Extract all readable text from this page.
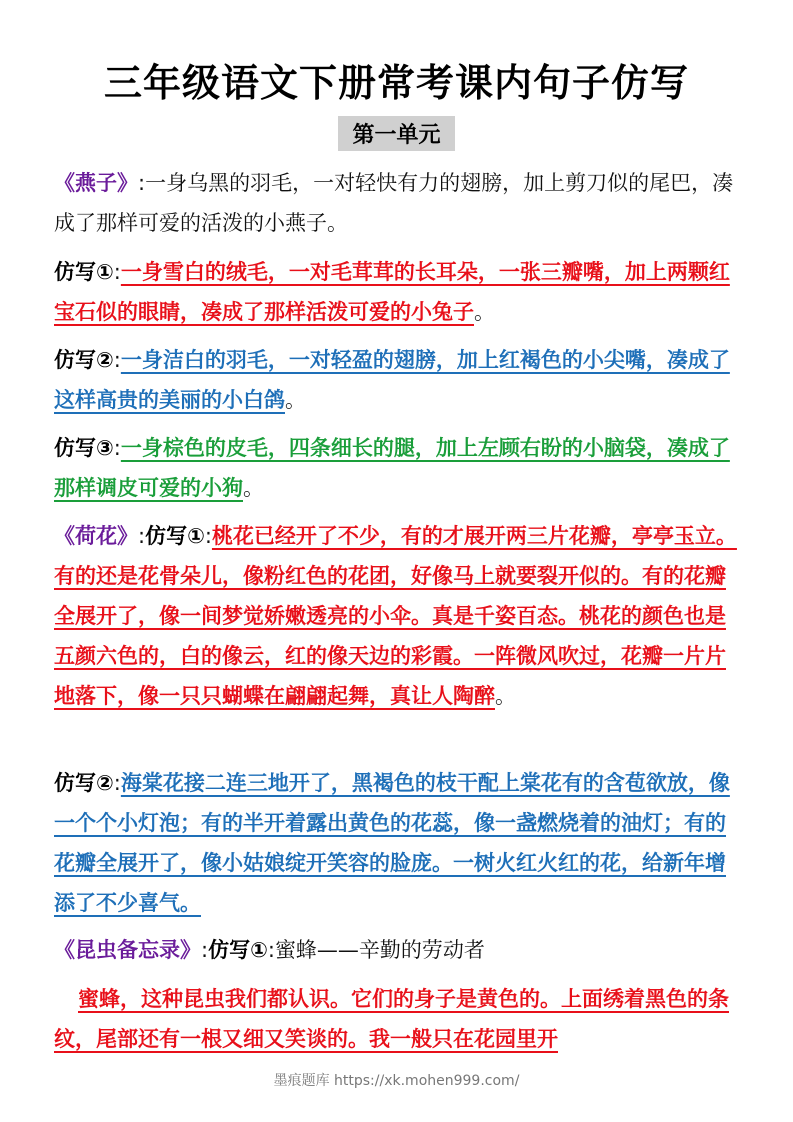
三年级语文下册常考课内句子仿写
第一单元
《燕子》:一身乌黑的羽毛，一对轻快有力的翅膀，加上剪刀似的尾巴，凑成了那样可爱的活泼的小燕子。
仿写①:一身雪白的绒毛，一对毛茸茸的长耳朵，一张三瓣嘴，加上两颗红宝石似的眼睛，凑成了那样活泼可爱的小兔子。
仿写②:一身洁白的羽毛，一对轻盈的翅膀，加上红褐色的小尖嘴，凑成了这样高贵的美丽的小白鸽。
仿写③:一身棕色的皮毛，四条细长的腿，加上左顾右盼的小脑袋，凑成了那样调皮可爱的小狗。
《荷花》:仿写①:桃花已经开了不少，有的才展开两三片花瓣，亭亭玉立。有的还是花骨朵儿，像粉红色的花团，好像马上就要裂开似的。有的花瓣全展开了，像一间梦觉娇嫩透亮的小伞。真是千姿百态。桃花的颜色也是五颜六色的，白的像云，红的像天边的彩霞。一阵微风吹过，花瓣一片片地落下，像一只只蝴蝶在翩翩起舞，真让人陶醉。
仿写②:海棠花接二连三地开了，黑褐色的枝干配上棠花有的含苞欲放，像一个个小灯泡；有的半开着露出黄色的花蕊，像一盏燃烧着的油灯；有的花瓣全展开了，像小姑娘绽开笑容的脸庞。一树火红火红的花，给新年增添了不少喜气。
《昆虫备忘录》:仿写①:蜜蜂——辛勤的劳动者
蜜蜂，这种昆虫我们都认识。它们的身子是黄色的。上面绣着黑色的条纹，尾部还有一根又细又笑谈的。我一般只在花园里开
墨痕题库 https://xk.mohen999.com/
